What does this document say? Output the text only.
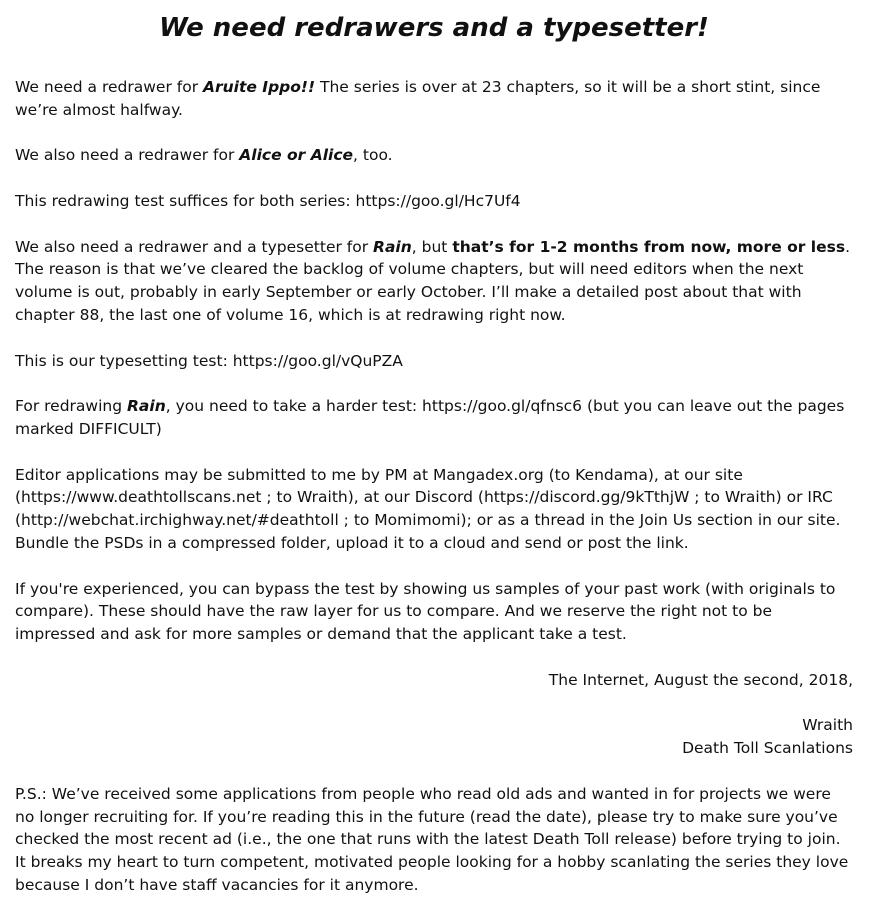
We need redrawers and a typesetter!

We need a redrawer for Aruite Ippo!! The series is over at 23 chapters, so it will be a short stint, since we’re almost halfway.

We also need a redrawer for Alice or Alice, too.

This redrawing test suffices for both series: https://goo.gl/Hc7Uf4

We also need a redrawer and a typesetter for Rain, but that’s for 1-2 months from now, more or less. The reason is that we’ve cleared the backlog of volume chapters, but will need editors when the next volume is out, probably in early September or early October. I’ll make a detailed post about that with chapter 88, the last one of volume 16, which is at redrawing right now.

This is our typesetting test: https://goo.gl/vQuPZA

For redrawing Rain, you need to take a harder test: https://goo.gl/qfnsc6 (but you can leave out the pages marked DIFFICULT)

Editor applications may be submitted to me by PM at Mangadex.org (to Kendama), at our site (https://www.deathtollscans.net ; to Wraith), at our Discord (https://discord.gg/9kTthjW ; to Wraith) or IRC (http://webchat.irchighway.net/#deathtoll ; to Momimomi); or as a thread in the Join Us section in our site. Bundle the PSDs in a compressed folder, upload it to a cloud and send or post the link.

If you're experienced, you can bypass the test by showing us samples of your past work (with originals to compare). These should have the raw layer for us to compare. And we reserve the right not to be impressed and ask for more samples or demand that the applicant take a test.

The Internet, August the second, 2018,

Wraith
Death Toll Scanlations

P.S.: We’ve received some applications from people who read old ads and wanted in for projects we were no longer recruiting for. If you’re reading this in the future (read the date), please try to make sure you’ve checked the most recent ad (i.e., the one that runs with the latest Death Toll release) before trying to join. It breaks my heart to turn competent, motivated people looking for a hobby scanlating the series they love because I don’t have staff vacancies for it anymore.
